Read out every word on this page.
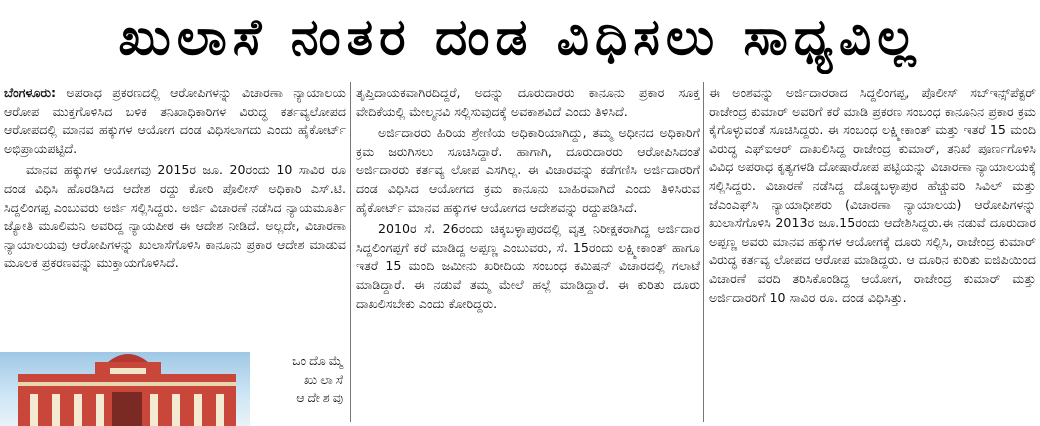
ಖುಲಾಸೆ ನಂತರ ದಂಡ ವಿಧಿಸಲು ಸಾಧ್ಯವಿಲ್ಲ

ಬೆಂಗಳೂರು: ಅಪರಾಧ ಪ್ರಕರಣದಲ್ಲಿ ಆರೋಪಿಗಳನ್ನು ವಿಚಾರಣಾ ನ್ಯಾಯಾಲಯ ಆರೋಪ ಮುಕ್ತಗೊಳಿಸಿದ ಬಳಿಕ ತನಿಖಾಧಿಕಾರಿಗಳ ವಿರುದ್ಧ ಕರ್ತವ್ಯಲೋಪದ ಆರೋಪದಲ್ಲಿ ಮಾನವ ಹಕ್ಕುಗಳ ಆಯೋಗ ದಂಡ ವಿಧಿಸಲಾಗದು ಎಂದು ಹೈಕೋರ್ಟ್ ಅಭಿಪ್ರಾಯಪಟ್ಟಿದೆ.

ಮಾನವ ಹಕ್ಕುಗಳ ಆಯೋಗವು 2015ರ ಜೂ. 20ರಂದು 10 ಸಾವಿರ ರೂ ದಂಡ ವಿಧಿಸಿ ಹೊರಡಿಸಿದ ಆದೇಶ ರದ್ದು ಕೋರಿ ಪೊಲೀಸ್ ಅಧಿಕಾರಿ ಎಸ್.ಟಿ. ಸಿದ್ದಲಿಂಗಪ್ಪ ಎಂಬುವರು ಅರ್ಜಿ ಸಲ್ಲಿಸಿದ್ದರು. ಅರ್ಜಿ ವಿಚಾರಣೆ ನಡೆಸಿದ ನ್ಯಾಯಮೂರ್ತಿ ಜ್ಯೋತಿ ಮೂಲಿಮನಿ ಅವರಿದ್ದ ನ್ಯಾಯಪೀಠ ಈ ಆದೇಶ ನೀಡಿದೆ. ಅಲ್ಲದೇ, ವಿಚಾರಣಾ ನ್ಯಾಯಾಲಯವು ಆರೋಪಿಗಳನ್ನು ಖುಲಾಸೆಗೊಳಿಸಿ ಕಾನೂನು ಪ್ರಕಾರ ಆದೇಶ ಮಾಡುವ ಮೂಲಕ ಪ್ರಕರಣವನ್ನು ಮುಕ್ತಾಯಗೊಳಿಸಿದೆ.

ಒಂದೊಮ್ಮೆ
ಖುಲಾಸೆ
ಆದೇಶವು

ತೃಪ್ತಿದಾಯಕವಾಗಿರದಿದ್ದರೆ, ಅದನ್ನು ದೂರುದಾರರು ಕಾನೂನು ಪ್ರಕಾರ ಸೂಕ್ತ ವೇದಿಕೆಯಲ್ಲಿ ಮೇಲ್ಮನವಿ ಸಲ್ಲಿಸುವುದಕ್ಕೆ ಅವಕಾಶವಿದೆ ಎಂದು ತಿಳಿಸಿದೆ.

ಅರ್ಜಿದಾರರು ಹಿರಿಯ ಶ್ರೇಣಿಯ ಅಧಿಕಾರಿಯಾಗಿದ್ದು, ತಮ್ಮ ಅಧೀನದ ಅಧಿಕಾರಿಗೆ ಕ್ರಮ ಜರುಗಿಸಲು ಸೂಚಿಸಿದ್ದಾರೆ. ಹಾಗಾಗಿ, ದೂರುದಾರರು ಆರೋಪಿಸಿದಂತೆ ಅರ್ಜಿದಾರರು ಕರ್ತವ್ಯ ಲೋಪ ಎಸಗಿಲ್ಲ. ಈ ವಿಚಾರವನ್ನು ಕಡೆಗಣಿಸಿ ಅರ್ಜಿದಾರರಿಗೆ ದಂಡ ವಿಧಿಸಿದ ಆಯೋಗದ ಕ್ರಮ ಕಾನೂನು ಬಾಹಿರವಾಗಿದೆ ಎಂದು ತಿಳಿಸಿರುವ ಹೈಕೋರ್ಟ್ ಮಾನವ ಹಕ್ಕುಗಳ ಆಯೋಗದ ಆದೇಶವನ್ನು ರದ್ದುಪಡಿಸಿದೆ.

2010ರ ಸೆ. 26ರಂದು ಚಿಕ್ಕಬಳ್ಳಾಪುರದಲ್ಲಿ ವೃತ್ತ ನಿರೀಕ್ಷಕರಾಗಿದ್ದ ಅರ್ಜಿದಾರ ಸಿದ್ದಲಿಂಗಪ್ಪಗೆ ಕರೆ ಮಾಡಿದ್ದ ಅಪ್ಪಣ್ಣ ಎಂಬುವರು, ಸೆ. 15ರಂದು ಲಕ್ಷ್ಮೀಕಾಂತ್ ಹಾಗೂ ಇತರೆ 15 ಮಂದಿ ಜಮೀನು ಖರೀದಿಯ ಸಂಬಂಧ ಕಮಿಷನ್ ವಿಚಾರದಲ್ಲಿ ಗಲಾಟೆ ಮಾಡಿದ್ದಾರೆ. ಈ ನಡುವೆ ತಮ್ಮ ಮೇಲೆ ಹಲ್ಲೆ ಮಾಡಿದ್ದಾರೆ. ಈ ಕುರಿತು ದೂರು ದಾಖಲಿಸಬೇಕು ಎಂದು ಕೋರಿದ್ದರು.

ಈ ಅಂಶವನ್ನು ಅರ್ಜಿದಾರರಾದ ಸಿದ್ದಲಿಂಗಪ್ಪ, ಪೊಲೀಸ್ ಸಬ್‌ಇನ್ಸ್‌ಪೆಕ್ಟರ್ ರಾಜೇಂದ್ರ ಕುಮಾರ್ ಅವರಿಗೆ ಕರೆ ಮಾಡಿ ಪ್ರಕರಣ ಸಂಬಂಧ ಕಾನೂನಿನ ಪ್ರಕಾರ ಕ್ರಮ ಕೈಗೊಳ್ಳುವಂತೆ ಸೂಚಿಸಿದ್ದರು. ಈ ಸಂಬಂಧ ಲಕ್ಷ್ಮೀಕಾಂತ್ ಮತ್ತು ಇತರೆ 15 ಮಂದಿ ವಿರುದ್ಧ ಎಫ್‌ಐಆರ್ ದಾಖಲಿಸಿದ್ದ ರಾಜೇಂದ್ರ ಕುಮಾರ್, ತನಿಖೆ ಪೂರ್ಣಗೊಳಿಸಿ ವಿವಿಧ ಅಪರಾಧ ಕೃತ್ಯಗಳಡಿ ದೋಷಾರೋಪ ಪಟ್ಟಿಯನ್ನು ವಿಚಾರಣಾ ನ್ಯಾಯಾಲಯಕ್ಕೆ ಸಲ್ಲಿಸಿದ್ದರು. ವಿಚಾರಣೆ ನಡೆಸಿದ್ದ ದೊಡ್ಡಬಳ್ಳಾಪುರ ಹೆಚ್ಚುವರಿ ಸಿವಿಲ್ ಮತ್ತು ಜೆಎಂಎಫ್‌ಸಿ ನ್ಯಾಯಾಧೀಶರು (ವಿಚಾರಣಾ ನ್ಯಾಯಾಲಯ) ಆರೋಪಿಗಳನ್ನು ಖುಲಾಸೆಗೊಳಿಸಿ 2013ರ ಜೂ.15ರಂದು ಆದೇಶಿಸಿದ್ದರು.ಈ ನಡುವೆ ದೂರುದಾರ ಅಪ್ಪಣ್ಣ ಅವರು ಮಾನವ ಹಕ್ಕುಗಳ ಆಯೋಗಕ್ಕೆ ದೂರು ಸಲ್ಲಿಸಿ, ರಾಜೇಂದ್ರ ಕುಮಾರ್ ವಿರುದ್ಧ ಕರ್ತವ್ಯ ಲೋಪದ ಆರೋಪ ಮಾಡಿದ್ದರು. ಆ ದೂರಿನ ಕುರಿತು ಐಜಿಪಿಯಿಂದ ವಿಚಾರಣೆ ವರದಿ ತರಿಸಿಕೊಂಡಿದ್ದ ಆಯೋಗ, ರಾಜೇಂದ್ರ ಕುಮಾರ್ ಮತ್ತು ಅರ್ಜಿದಾರರಿಗೆ 10 ಸಾವಿರ ರೂ. ದಂಡ ವಿಧಿಸಿತ್ತು.
